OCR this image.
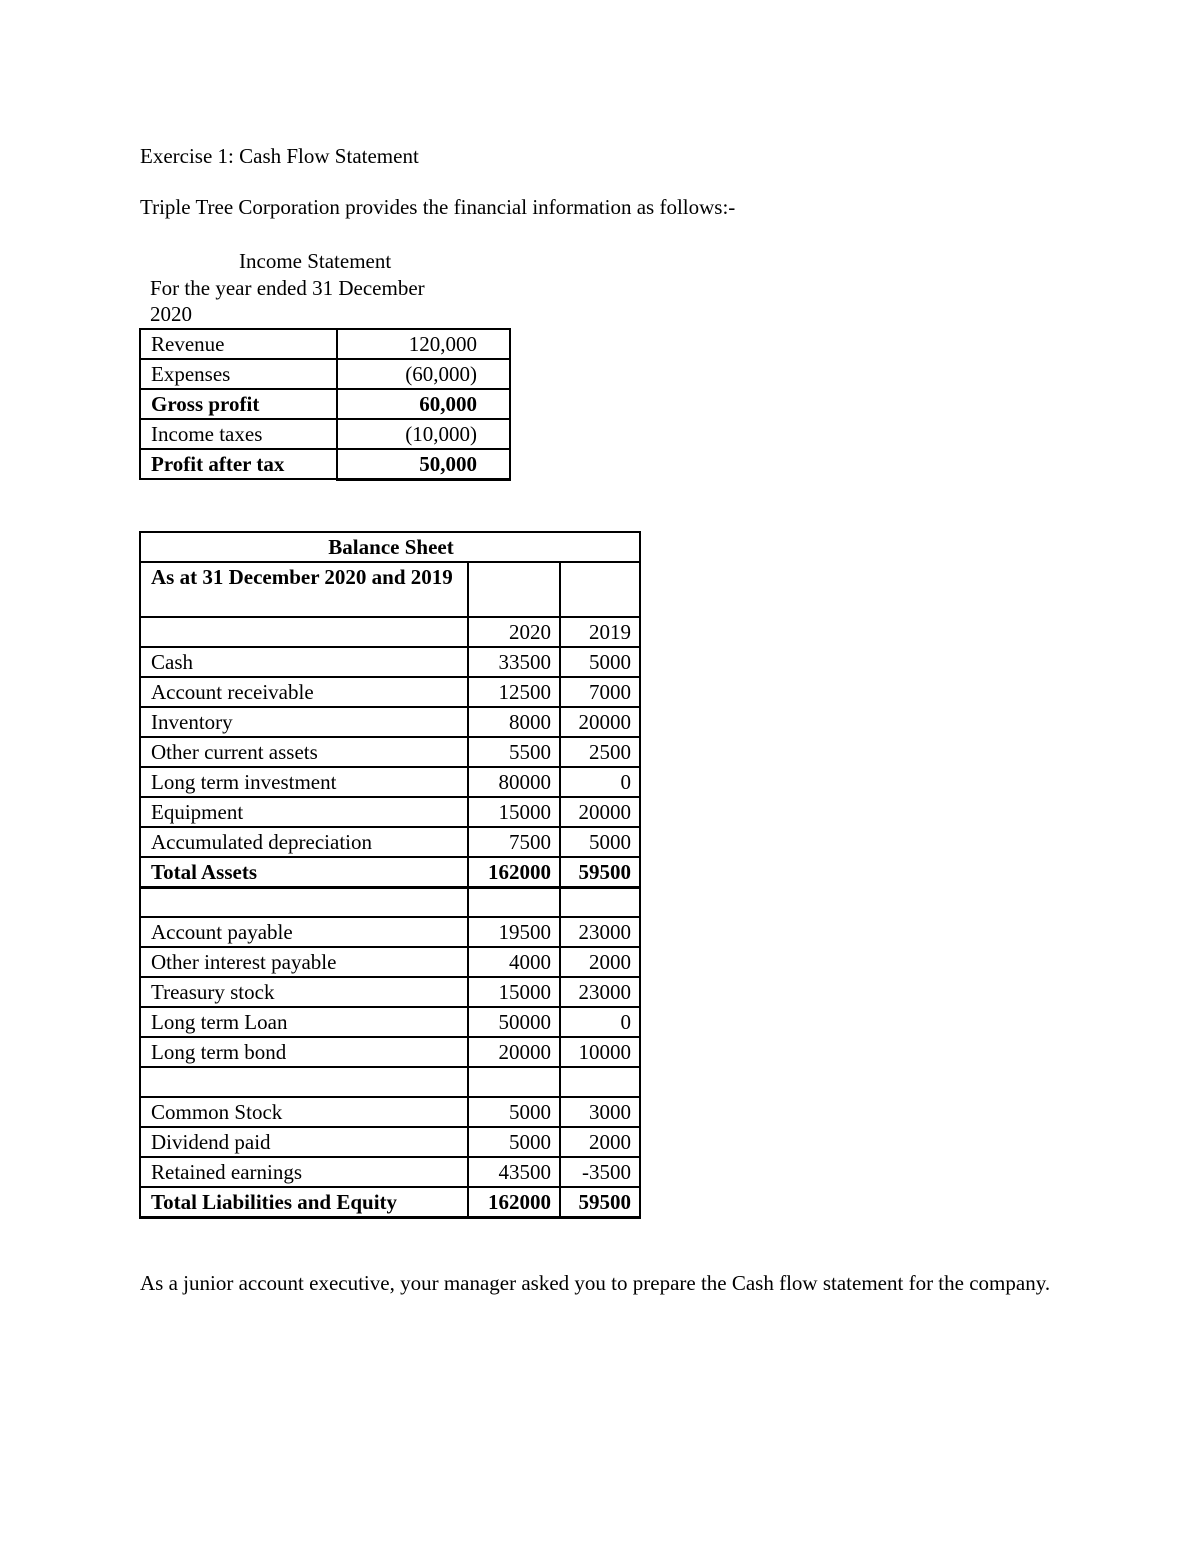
Exercise 1: Cash Flow Statement
Triple Tree Corporation provides the financial information as follows:-
Income Statement
For the year ended 31 December
2020
Revenue	120,000
Expenses	(60,000)
Gross profit	60,000
Income taxes	(10,000)
Profit after tax	50,000
Balance Sheet		
As at 31 December 2020 and 2019		
	2020	2019
Cash	33500	5000
Account receivable	12500	7000
Inventory	8000	20000
Other current assets	5500	2500
Long term investment	80000	0
Equipment	15000	20000
Accumulated depreciation	7500	5000
Total Assets	162000	59500

Account payable	19500	23000
Other interest payable	4000	2000
Treasury stock	15000	23000
Long term Loan	50000	0
Long term bond	20000	10000

Common Stock	5000	3000
Dividend paid	5000	2000
Retained earnings	43500	-3500
Total Liabilities and Equity	162000	59500
As a junior account executive, your manager asked you to prepare the Cash flow statement for the company.
